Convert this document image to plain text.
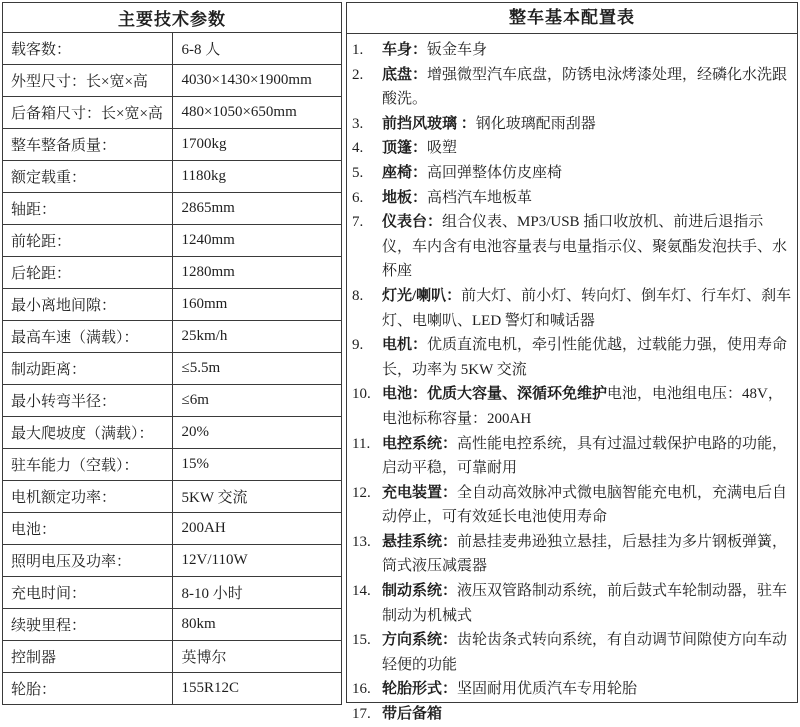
主要技术参数	
载客数：	6-8 人
外型尺寸：长×宽×高	4030×1430×1900mm
后备箱尺寸：长×宽×高	480×1050×650mm
整车整备质量：	1700kg
额定载重：	1180kg
轴距：	2865mm
前轮距：	1240mm
后轮距：	1280mm
最小离地间隙：	160mm
最高车速（满载）：	25km/h
制动距离：	≤5.5m
最小转弯半径：	≤6m
最大爬坡度（满载）：	20%
驻车能力（空载）：	15%
电机额定功率：	5KW 交流
电池：	200AH
照明电压及功率：	12V/110W
充电时间：	8-10 小时
续驶里程：	80km
控制器	英博尔
轮胎：	155R12C
整车基本配置表
1.	车身：钣金车身
2.	底盘：增强微型汽车底盘，防锈电泳烤漆处理，经磷化水洗跟酸洗。
3.	前挡风玻璃 ：钢化玻璃配雨刮器
4.	顶篷：吸塑
5.	座椅：高回弹整体仿皮座椅
6.	地板：高档汽车地板革
7.	仪表台：组合仪表、MP3/USB 插口收放机、前进后退指示仪，车内含有电池容量表与电量指示仪、聚氨酯发泡扶手、水杯座
8.	灯光/喇叭：前大灯、前小灯、转向灯、倒车灯、行车灯、刹车灯、电喇叭、LED 警灯和喊话器
9.	电机：优质直流电机，牵引性能优越，过载能力强，使用寿命长，功率为 5KW 交流
10. 电池：优质大容量、深循环免维护电池，电池组电压：48V，电池标称容量：200AH
11. 电控系统：高性能电控系统，具有过温过载保护电路的功能，启动平稳，可靠耐用
12. 充电装置：全自动高效脉冲式微电脑智能充电机，充满电后自动停止，可有效延长电池使用寿命
13. 悬挂系统：前悬挂麦弗逊独立悬挂，后悬挂为多片钢板弹簧，筒式液压减震器
14. 制动系统：液压双管路制动系统，前后鼓式车轮制动器，驻车制动为机械式
15. 方向系统：齿轮齿条式转向系统，有自动调节间隙使方向车动轻便的功能
16. 轮胎形式：坚固耐用优质汽车专用轮胎
17. 带后备箱
